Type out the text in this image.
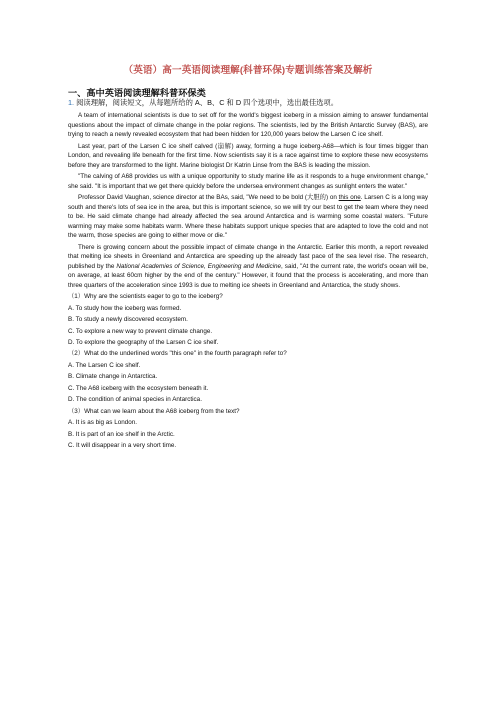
（英语）高一英语阅读理解(科普环保)专题训练答案及解析
一、高中英语阅读理解科普环保类
1. 阅读理解，阅读短文，从每题所给的 A、B、C 和 D 四个选项中，选出最佳选项。

A team of international scientists is due to set off for the world's biggest iceberg in a mission aiming to answer fundamental questions about the impact of climate change in the polar regions. The scientists, led by the British Antarctic Survey (BAS), are trying to reach a newly revealed ecosystem that had been hidden for 120,000 years below the Larsen C ice shelf.

Last year, part of the Larsen C ice shelf calved (崩解) away, forming a huge iceberg-A68—which is four times bigger than London, and revealing life beneath for the first time. Now scientists say it is a race against time to explore these new ecosystems before they are transformed to the light. Marine biologist Dr Katrin Linse from the BAS is leading the mission.

"The calving of A68 provides us with a unique opportunity to study marine life as it responds to a huge environment change," she said. "It is important that we get there quickly before the undersea environment changes as sunlight enters the water."

Professor David Vaughan, science director at the BAs, said, "We need to be bold (大胆的) on this one. Larsen C is a long way south and there's lots of sea ice in the area, but this is important science, so we will try our best to get the team where they need to be. He said climate change had already affected the sea around Antarctica and is warming some coastal waters. "Future warming may make some habitats warm. Where these habitats support unique species that are adapted to love the cold and not the warm, those species are going to either move or die."

There is growing concern about the possible impact of climate change in the Antarctic. Earlier this month, a report revealed that melting ice sheets in Greenland and Antarctica are speeding up the already fast pace of the sea level rise. The research, published by the National Academies of Science, Engineering and Medicine, said, "At the current rate, the world's ocean will be, on average, at least 60cm higher by the end of the century." However, it found that the process is accelerating, and more than three quarters of the acceleration since 1993 is due to melting ice sheets in Greenland and Antarctica, the study shows.

（1）Why are the scientists eager to go to the iceberg?

A. To study how the iceberg was formed.

B. To study a newly discovered ecosystem.

C. To explore a new way to prevent climate change.

D. To explore the geography of the Larsen C ice shelf.

（2）What do the underlined words "this one" in the fourth paragraph refer to?

A. The Larsen C ice shelf.

B. Climate change in Antarctica.

C. The A68 iceberg with the ecosystem beneath it.

D. The condition of animal species in Antarctica.

（3）What can we learn about the A68 iceberg from the text?

A. It is as big as London.

B. It is part of an ice shelf in the Arctic.

C. It will disappear in a very short time.
